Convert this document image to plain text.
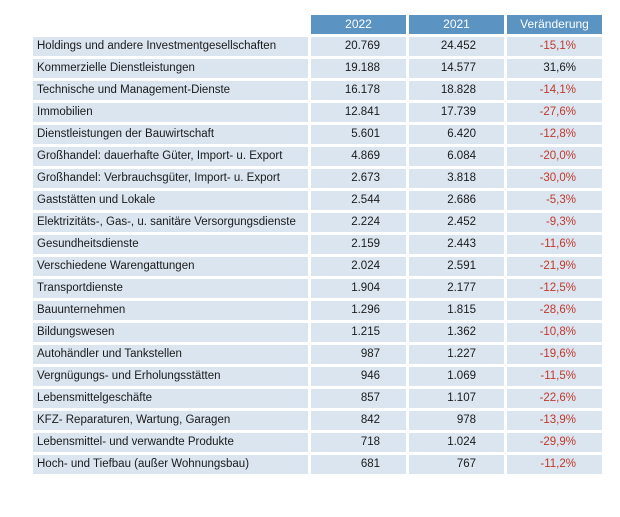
	2022	2021	Veränderung
Holdings und andere Investmentgesellschaften	20.769	24.452	-15,1%
Kommerzielle Dienstleistungen	19.188	14.577	31,6%
Technische und Management-Dienste	16.178	18.828	-14,1%
Immobilien	12.841	17.739	-27,6%
Dienstleistungen der Bauwirtschaft	5.601	6.420	-12,8%
Großhandel: dauerhafte Güter, Import- u. Export	4.869	6.084	-20,0%
Großhandel: Verbrauchsgüter, Import- u. Export	2.673	3.818	-30,0%
Gaststätten und Lokale	2.544	2.686	-5,3%
Elektrizitäts-, Gas-, u. sanitäre Versorgungsdienste	2.224	2.452	-9,3%
Gesundheitsdienste	2.159	2.443	-11,6%
Verschiedene Warengattungen	2.024	2.591	-21,9%
Transportdienste	1.904	2.177	-12,5%
Bauunternehmen	1.296	1.815	-28,6%
Bildungswesen	1.215	1.362	-10,8%
Autohändler und Tankstellen	987	1.227	-19,6%
Vergnügungs- und Erholungsstätten	946	1.069	-11,5%
Lebensmittelgeschäfte	857	1.107	-22,6%
KFZ- Reparaturen, Wartung, Garagen	842	978	-13,9%
Lebensmittel- und verwandte Produkte	718	1.024	-29,9%
Hoch- und Tiefbau (außer Wohnungsbau)	681	767	-11,2%
